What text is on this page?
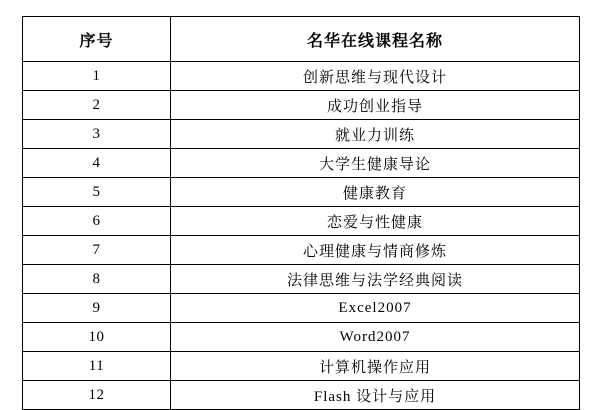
序号	名华在线课程名称
1	创新思维与现代设计
2	成功创业指导
3	就业力训练
4	大学生健康导论
5	健康教育
6	恋爱与性健康
7	心理健康与情商修炼
8	法律思维与法学经典阅读
9	Excel2007
10	Word2007
11	计算机操作应用
12	Flash 设计与应用
